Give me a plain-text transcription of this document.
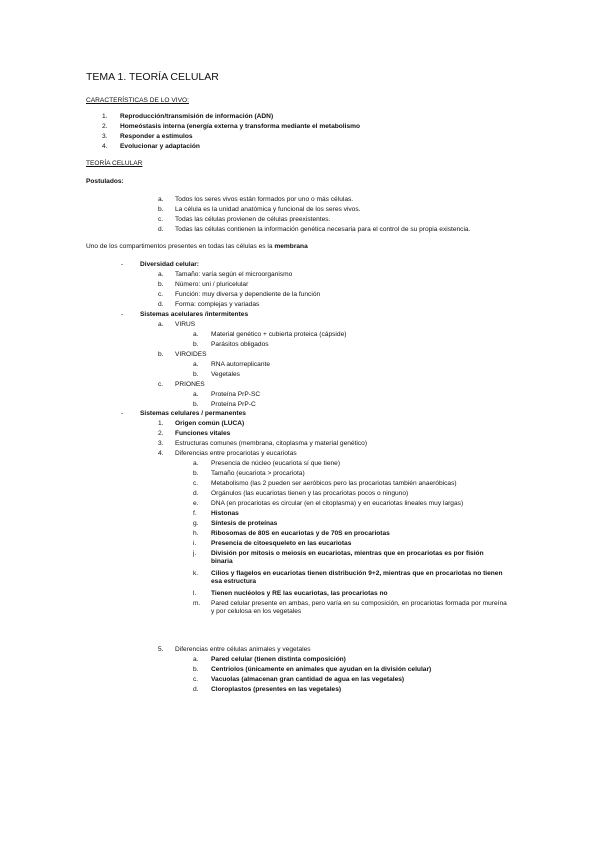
TEMA 1. TEORÍA CELULAR
CARACTERÍSTICAS DE LO VIVO:
1. Reproducción/transmisión de información (ADN)
2. Homeóstasis interna (energía externa y transforma mediante el metabolismo
3. Responder a estímulos
4. Evolucionar y adaptación
TEORÍA CELULAR
Postulados:
a. Todos los seres vivos están formados por uno o más células.
b. La célula es la unidad anatómica y funcional de los seres vivos.
c. Todas las células provienen de células preexistentes.
d. Todas las células contienen la información genética necesaria para el control de su propia existencia.
Uno de los compartimentos presentes en todas las células es la membrana
-	Diversidad celular:
a. Tamaño: varía según el microorganismo
b. Número: uni / pluricelular
c. Función: muy diversa y dependiente de la función
d. Forma: complejas y variadas
-	Sistemas acelulares /intermitentes
a. VIRUS
a. Material genético + cubierta proteica (cápside)
b. Parásitos obligados
b. VIROIDES
a. RNA autorreplicante
b. Vegetales
c. PRIONES
a. Proteína PrP-SC
b. Proteína PrP-C
-	Sistemas celulares / permanentes
1. Origen común (LUCA)
2. Funciones vitales
3. Estructuras comunes (membrana, citoplasma y material genético)
4. Diferencias entre procariotas y eucariotas
a. Presencia de núcleo (eucariota sí que tiene)
b. Tamaño (eucariota > procariota)
c. Metabolismo (las 2 pueden ser aeróbicos pero las procariotas también anaeróbicas)
d. Orgánulos (las eucariotas tienen y las procariotas pocos o ninguno)
e. DNA (en procariotas es circular (en el citoplasma) y en eucariotas lineales muy largas)
f. Histonas
g. Síntesis de proteínas
h. Ribosomas de 80S en eucariotas y de 70S en procariotas
i. Presencia de citoesqueleto en las eucariotas
j. División por mitosis o meiosis en eucariotas, mientras que en procariotas es por fisión binaria
k. Cilios y flagelos en eucariotas tienen distribución 9+2, mientras que en procariotas no tienen esa estructura
l. Tienen nucléolos y RE las eucariotas, las procariotas no
m. Pared celular presente en ambas, pero varía en su composición, en procariotas formada por mureína y por celulosa en los vegetales
5. Diferencias entre células animales y vegetales
a. Pared celular (tienen distinta composición)
b. Centriolos (únicamente en animales que ayudan en la división celular)
c. Vacuolas (almacenan gran cantidad de agua en las vegetales)
d. Cloroplastos (presentes en las vegetales)
